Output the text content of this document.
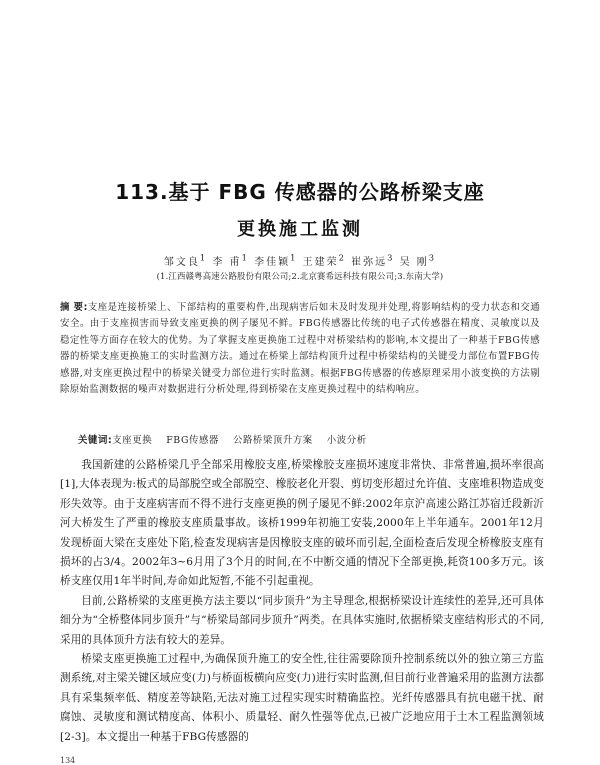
113.基于 FBG 传感器的公路桥梁支座
更换施工监测
邹文良$^1$ 李 甫$^1$ 李佳颖$^1$ 王建荣$^2$ 崔弥远$^3$ 吴 刚$^3$
(1.江西赣粤高速公路股份有限公司;2.北京赛希远科技有限公司;3.东南大学)
摘 要:支座是连接桥梁上、下部结构的重要构件,出现病害后如未及时发现并处理,将影响结构的受力状态和交通安全。由于支座损害而导致支座更换的例子屡见不鲜。FBG传感器比传统的电子式传感器在精度、灵敏度以及稳定性等方面存在较大的优势。为了掌握支座更换施工过程中对桥梁结构的影响,本文提出了一种基于FBG传感器的桥梁支座更换施工的实时监测方法。通过在桥梁上部结构顶升过程中桥梁结构的关键受力部位布置FBG传感器,对支座更换过程中的桥梁关键受力部位进行实时监测。根据FBG传感器的传感原理采用小波变换的方法剔除原始监测数据的噪声对数据进行分析处理,得到桥梁在支座更换过程中的结构响应。
关键词:支座更换 FBG传感器 公路桥梁顶升方案 小波分析

我国新建的公路桥梁几乎全部采用橡胶支座,桥梁橡胶支座损坏速度非常快、非常普遍,损坏率很高[1],大体表现为:板式的局部脱空或全部脱空、橡胶老化开裂、剪切变形超过允许值、支座堆积物造成变形失效等。由于支座病害而不得不进行支座更换的例子屡见不鲜:2002年京沪高速公路江苏宿迁段新沂河大桥发生了严重的橡胶支座质量事故。该桥1999年初施工安装,2000年上半年通车。2001年12月发现桥面大梁在支座处下陷,检查发现病害是因橡胶支座的破坏而引起,全面检查后发现全桥橡胶支座有损坏的占3/4。2002年3~6月用了3个月的时间,在不中断交通的情况下全部更换,耗资100多万元。该桥支座仅用1年半时间,寿命如此短暂,不能不引起重视。

目前,公路桥梁的支座更换方法主要以“同步顶升”为主导理念,根据桥梁设计连续性的差异,还可具体细分为“全桥整体同步顶升”与“桥梁局部同步顶升”两类。在具体实施时,依据桥梁支座结构形式的不同,采用的具体顶升方法有较大的差异。

桥梁支座更换施工过程中,为确保顶升施工的安全性,往往需要除顶升控制系统以外的独立第三方监测系统,对主梁关键区域应变(力)与桥面板横向应变(力)进行实时监测,但目前行业普遍采用的监测方法都具有采集频率低、精度差等缺陷,无法对施工过程实现实时精确监控。光纤传感器具有抗电磁干扰、耐腐蚀、灵敏度和测试精度高、体积小、质量轻、耐久性强等优点,已被广泛地应用于土木工程监测领域[2-3]。本文提出一种基于FBG传感器的

134
